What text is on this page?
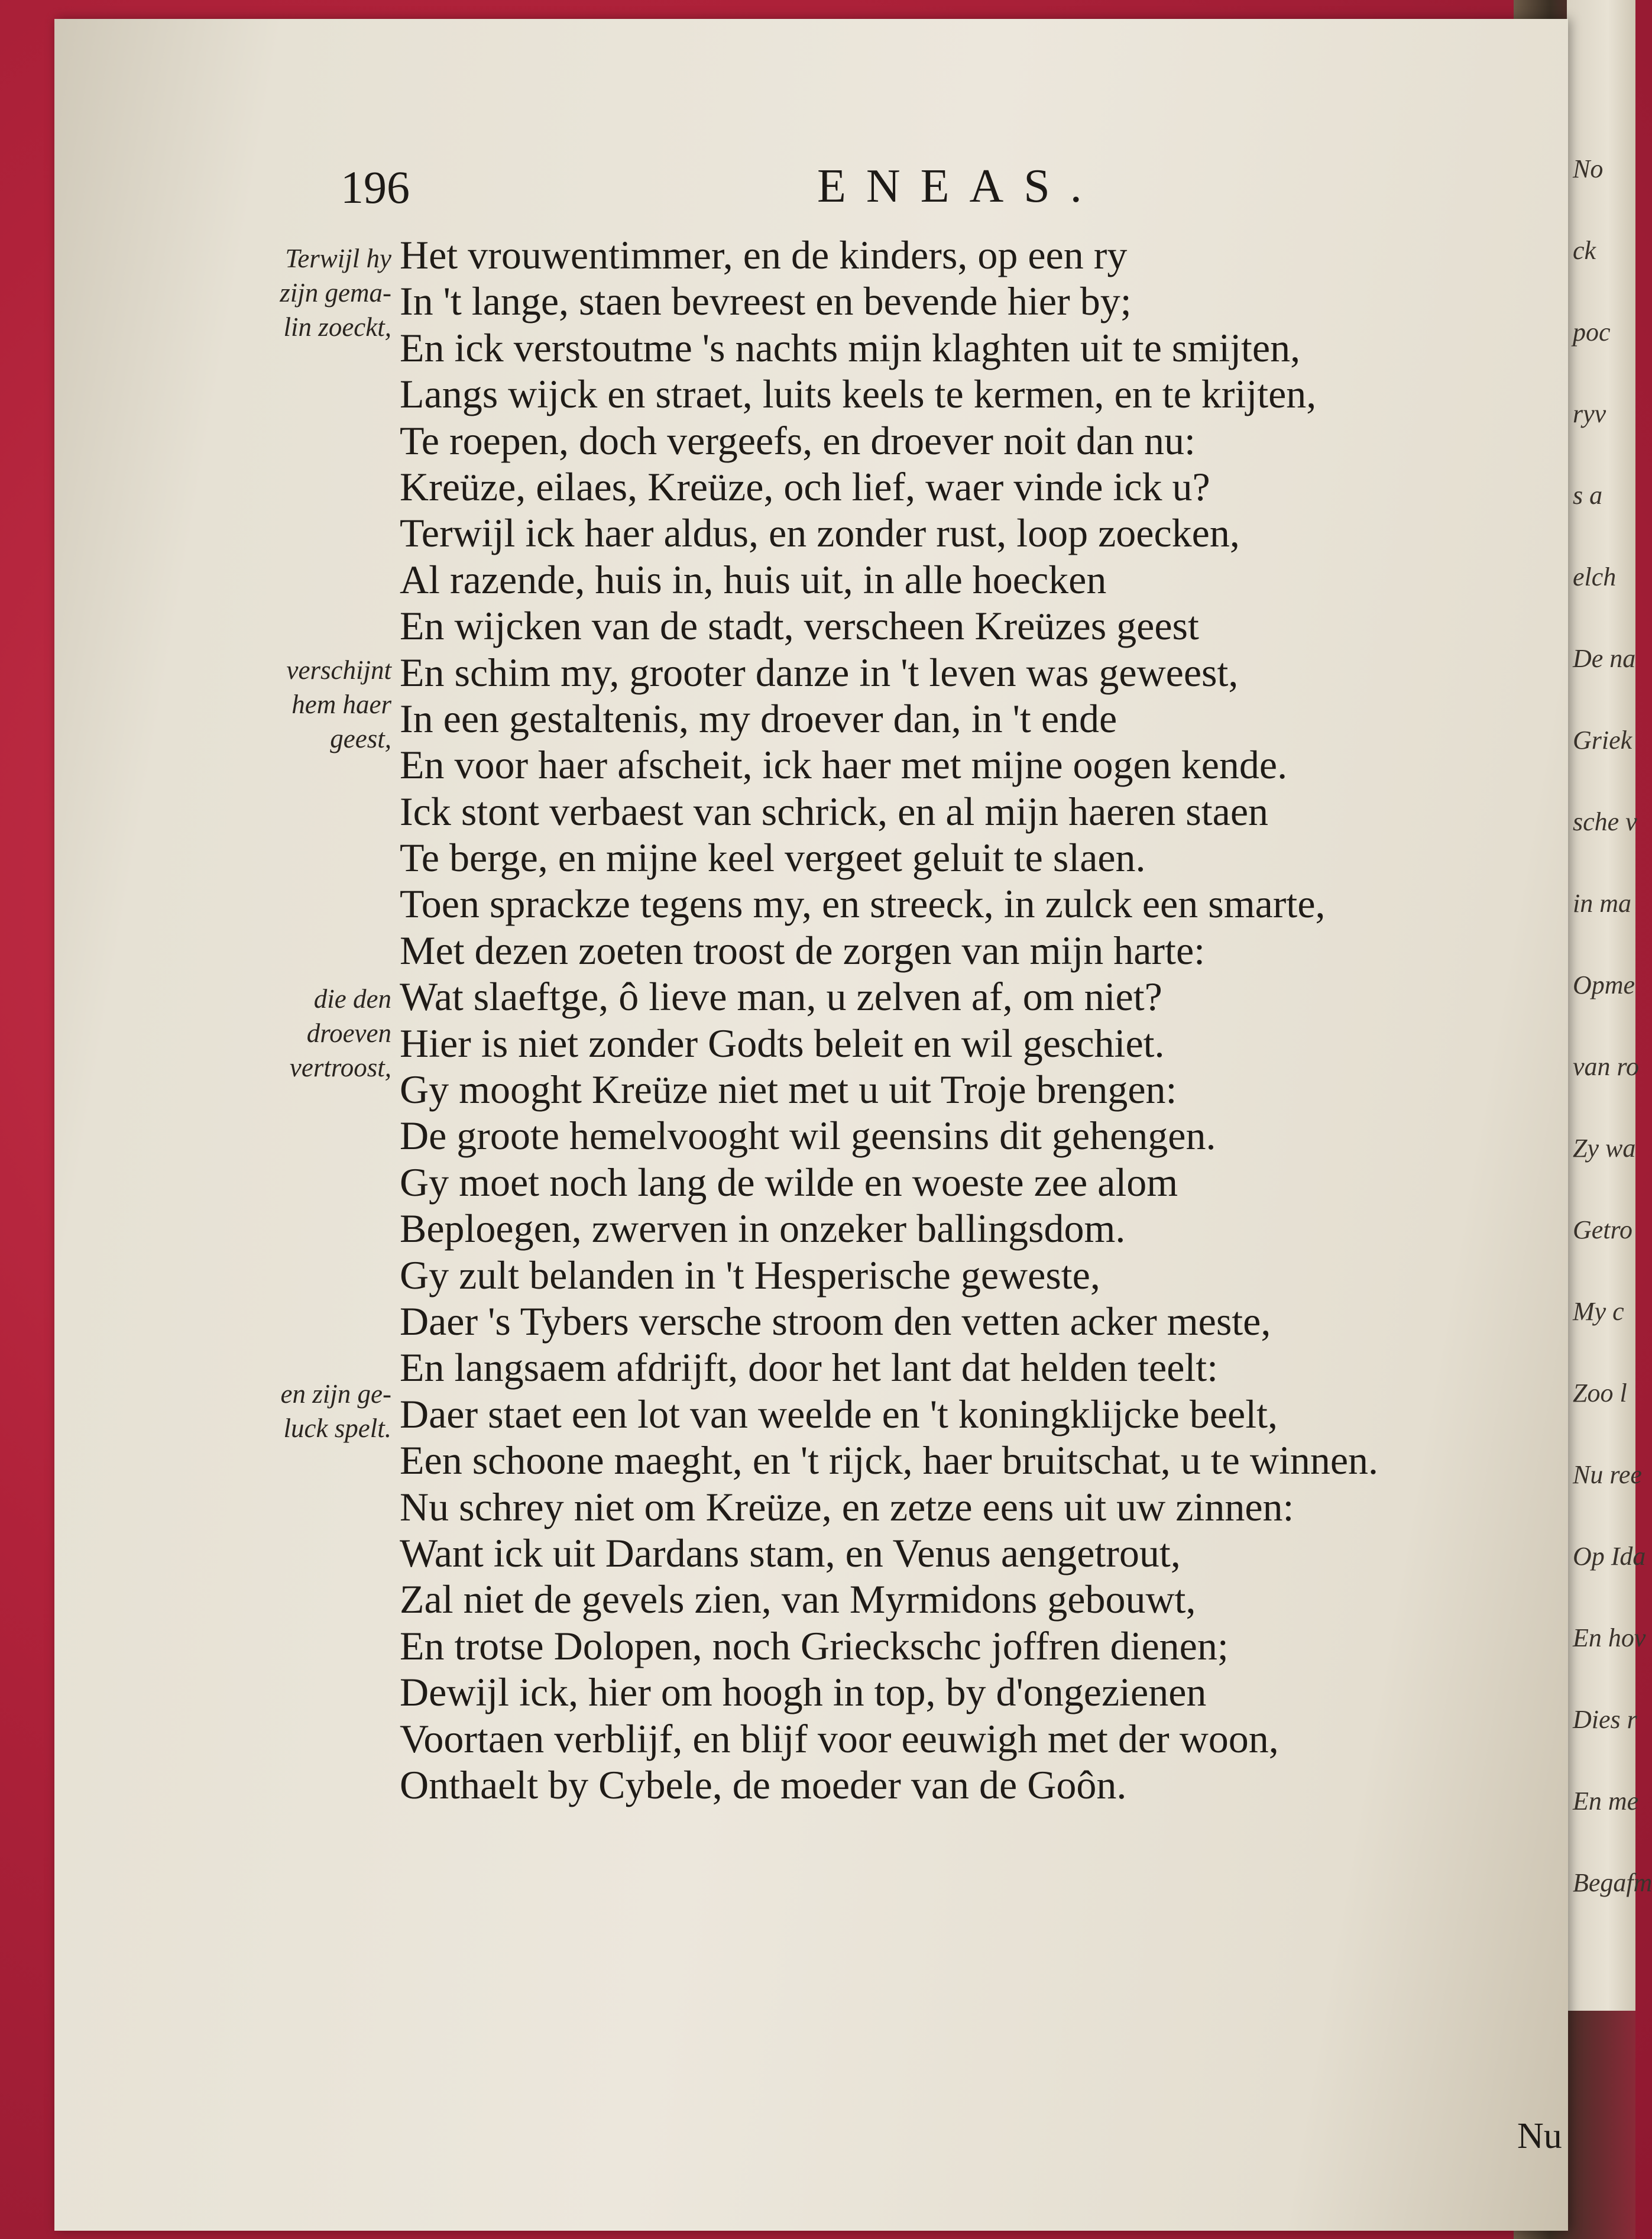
No
ck
poc
ryv
s a
elch
De na
Griek
sche v
in ma
Opme
van ro
Zy wa
Getro
My c
Zoo l
Nu ree
Op Ida
En hov
Dies r
En me
Begafm
196	ENEAS.
Terwijl hy
zijn gema-
lin zoeckt,
verschijnt
hem haer
geest,
die den
droeven
vertroost,
en zijn ge-
luck spelt.
Het vrouwentimmer, en de kinders, op een ry
In 't lange, staen bevreest en bevende hier by;
En ick verstoutme 's nachts mijn klaghten uit te smijten,
Langs wijck en straet, luits keels te kermen, en te krijten,
Te roepen, doch vergeefs, en droever noit dan nu:
Kreüze, eilaes, Kreüze, och lief, waer vinde ick u?
Terwijl ick haer aldus, en zonder rust, loop zoecken,
Al razende, huis in, huis uit, in alle hoecken
En wijcken van de stadt, verscheen Kreüzes geest
En schim my, grooter danze in 't leven was geweest,
In een gestaltenis, my droever dan, in 't ende
En voor haer afscheit, ick haer met mijne oogen kende.
Ick stont verbaest van schrick, en al mijn haeren staen
Te berge, en mijne keel vergeet geluit te slaen.
Toen sprackze tegens my, en streeck, in zulck een smarte,
Met dezen zoeten troost de zorgen van mijn harte:
Wat slaeftge, ô lieve man, u zelven af, om niet?
Hier is niet zonder Godts beleit en wil geschiet.
Gy mooght Kreüze niet met u uit Troje brengen:
De groote hemelvooght wil geensins dit gehengen.
Gy moet noch lang de wilde en woeste zee alom
Beploegen, zwerven in onzeker ballingsdom.
Gy zult belanden in 't Hesperische geweste,
Daer 's Tybers versche stroom den vetten acker meste,
En langsaem afdrijft, door het lant dat helden teelt:
Daer staet een lot van weelde en 't koningklijcke beelt,
Een schoone maeght, en 't rijck, haer bruitschat, u te winnen.
Nu schrey niet om Kreüze, en zetze eens uit uw zinnen:
Want ick uit Dardans stam, en Venus aengetrout,
Zal niet de gevels zien, van Myrmidons gebouwt,
En trotse Dolopen, noch Grieckschc joffren dienen;
Dewijl ick, hier om hoogh in top, by d'ongezienen
Voortaen verblijf, en blijf voor eeuwigh met der woon,
Onthaelt by Cybele, de moeder van de Goôn.
Nu
